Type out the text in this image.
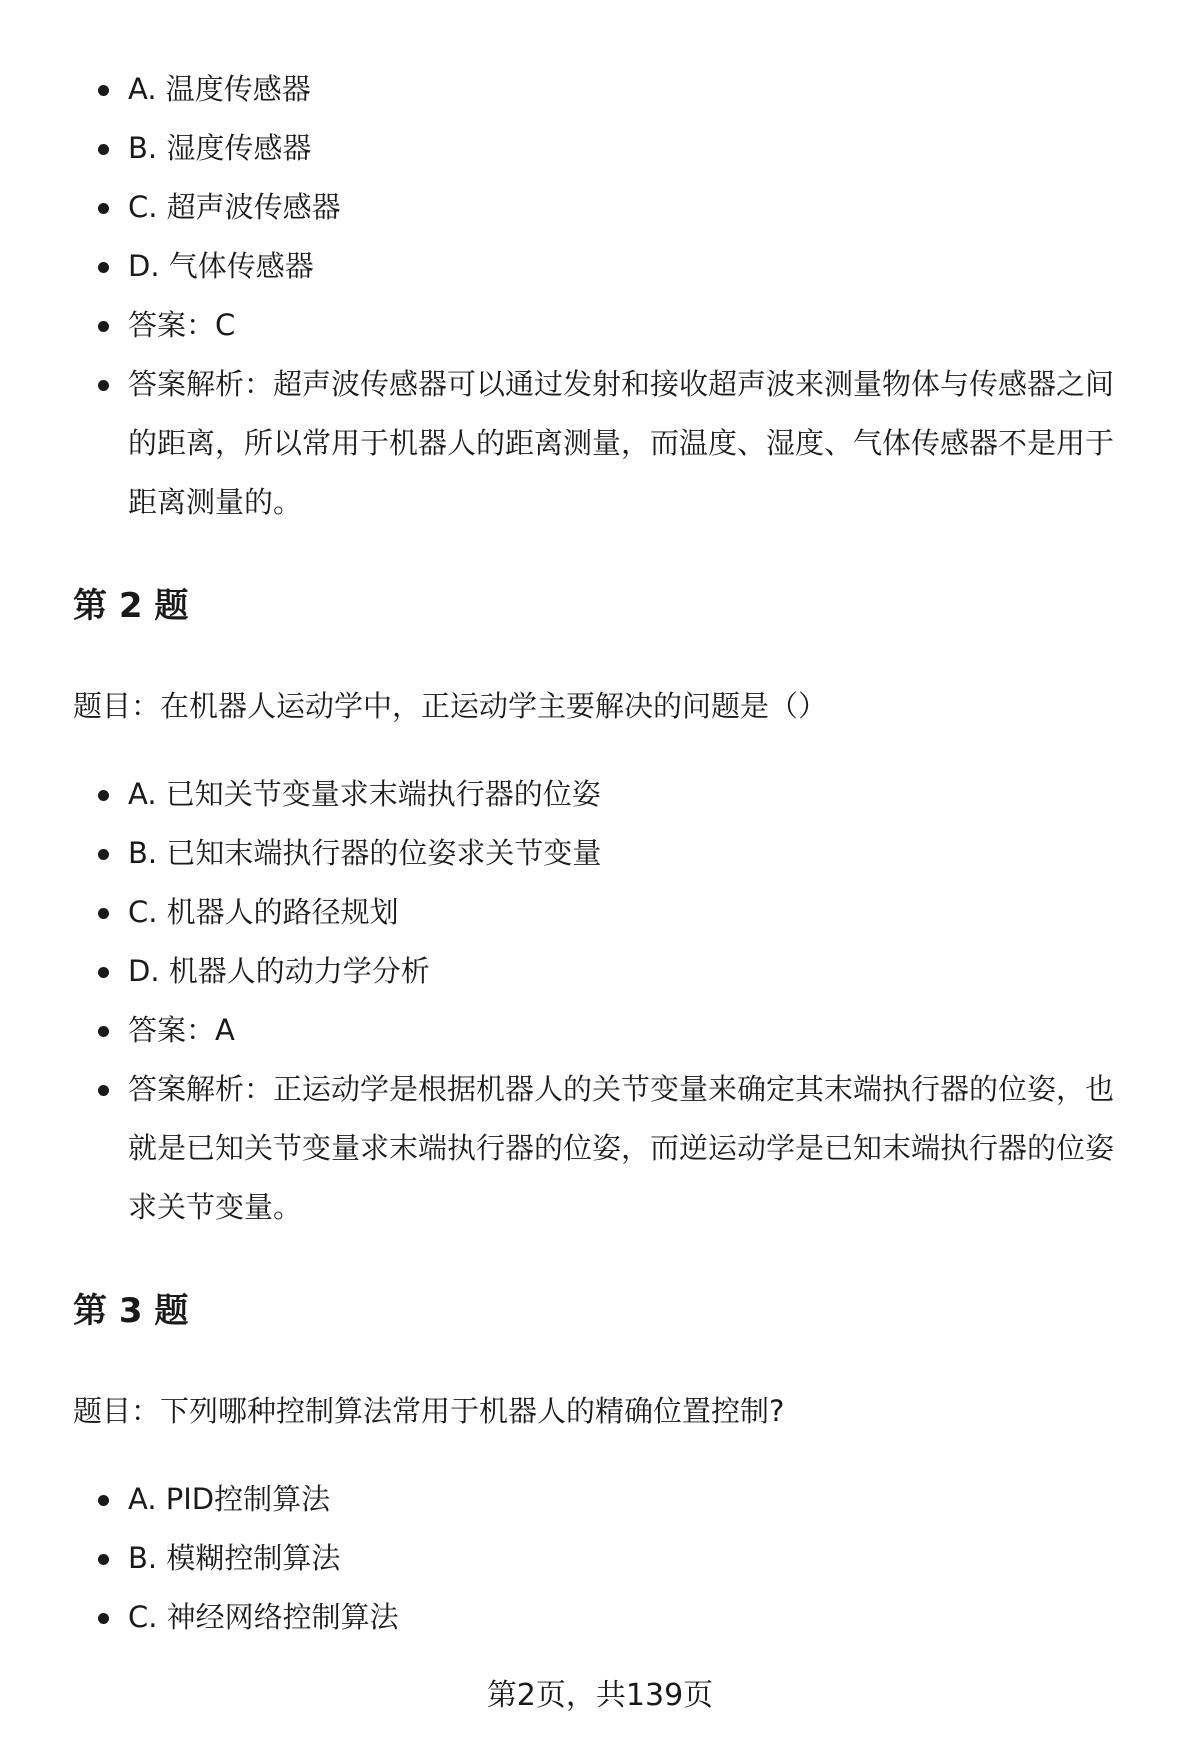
A. 温度传感器
B. 湿度传感器
C. 超声波传感器
D. 气体传感器
答案：C
答案解析：超声波传感器可以通过发射和接收超声波来测量物体与传感器之间的距离，所以常用于机器人的距离测量，而温度、湿度、气体传感器不是用于距离测量的。
第 2 题
题目：在机器人运动学中，正运动学主要解决的问题是（）
A. 已知关节变量求末端执行器的位姿
B. 已知末端执行器的位姿求关节变量
C. 机器人的路径规划
D. 机器人的动力学分析
答案：A
答案解析：正运动学是根据机器人的关节变量来确定其末端执行器的位姿，也就是已知关节变量求末端执行器的位姿，而逆运动学是已知末端执行器的位姿求关节变量。
第 3 题
题目：下列哪种控制算法常用于机器人的精确位置控制?
A. PID控制算法
B. 模糊控制算法
C. 神经网络控制算法
第2页，共139页
